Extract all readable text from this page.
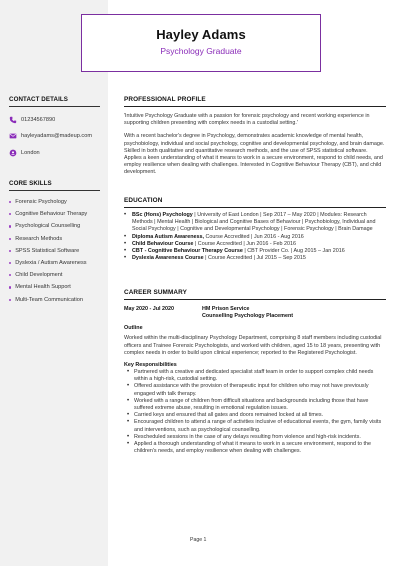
Hayley Adams
Psychology Graduate
CONTACT DETAILS
01234567890
hayleyadams@madeup.com
London
CORE SKILLS
Forensic Psychology
Cognitive Behaviour Therapy
Psychological Counselling
Research Methods
SPSS Statistical Software
Dyslexia / Autism Awareness
Child Development
Mental Health Support
Multi-Team Communication
PROFESSIONAL PROFILE
'Intuitive Psychology Graduate with a passion for forensic psychology and recent working experience in supporting children presenting with complex needs in a custodial setting.'
With a recent bachelor's degree in Psychology, demonstrates academic knowledge of mental health, psychobiology, individual and social psychology, cognitive and developmental psychology, and brain damage. Skilled in both qualitative and quantitative research methods, and the use of SPSS statistical software. Applies a keen understanding of what it means to work in a secure environment, respond to child needs, and employ resilience when dealing with challenges. Interested in Cognitive Behaviour Therapy (CBT), and child development.
EDUCATION
•	BSc (Hons) Psychology | University of East London | Sep 2017 – May 2020 | Modules: Research Methods | Mental Health | Biological and Cognitive Bases of Behaviour | Psychobiology, Individual and Social Psychology | Cognitive and Developmental Psychology | Forensic Psychology | Brain Damage
•	Diploma Autism Awareness, Course Accredited | Jun 2016 - Aug 2016
•	Child Behaviour Course | Course Accredited | Jun 2016 - Feb 2016
•	CBT - Cognitive Behaviour Therapy Course | CBT Provider Co. | Aug 2015 – Jan 2016
•	Dyslexia Awareness Course | Course Accredited | Jul 2015 – Sep 2015
CAREER SUMMARY
May 2020 - Jul 2020	HM Prison Service
Counselling Psychology Placement
Outline
Worked within the multi-disciplinary Psychology Department, comprising 8 staff members including custodial officers and Trainee Forensic Psychologists, and worked with children, aged 15 to 18 years, presenting with complex needs in order to build upon clinical experience; reported to the Registered Psychologist.
Key Responsibilities
• Partnered with a creative and dedicated specialist staff team in order to support complex child needs within a high-risk, custodial setting.
• Offered assistance with the provision of therapeutic input for children who may not have previously engaged with talk therapy.
• Worked with a range of children from difficult situations and backgrounds including those that have suffered extreme abuse, resulting in emotional regulation issues.
• Carried keys and ensured that all gates and doors remained locked at all times.
• Encouraged children to attend a range of activities inclusive of educational events, the gym, family visits and interventions, such as psychological counselling.
• Rescheduled sessions in the case of any delays resulting from violence and high-risk incidents.
• Applied a thorough understanding of what it means to work in a secure environment, respond to the children's needs, and employ resilience when dealing with challenges.
Page 1
